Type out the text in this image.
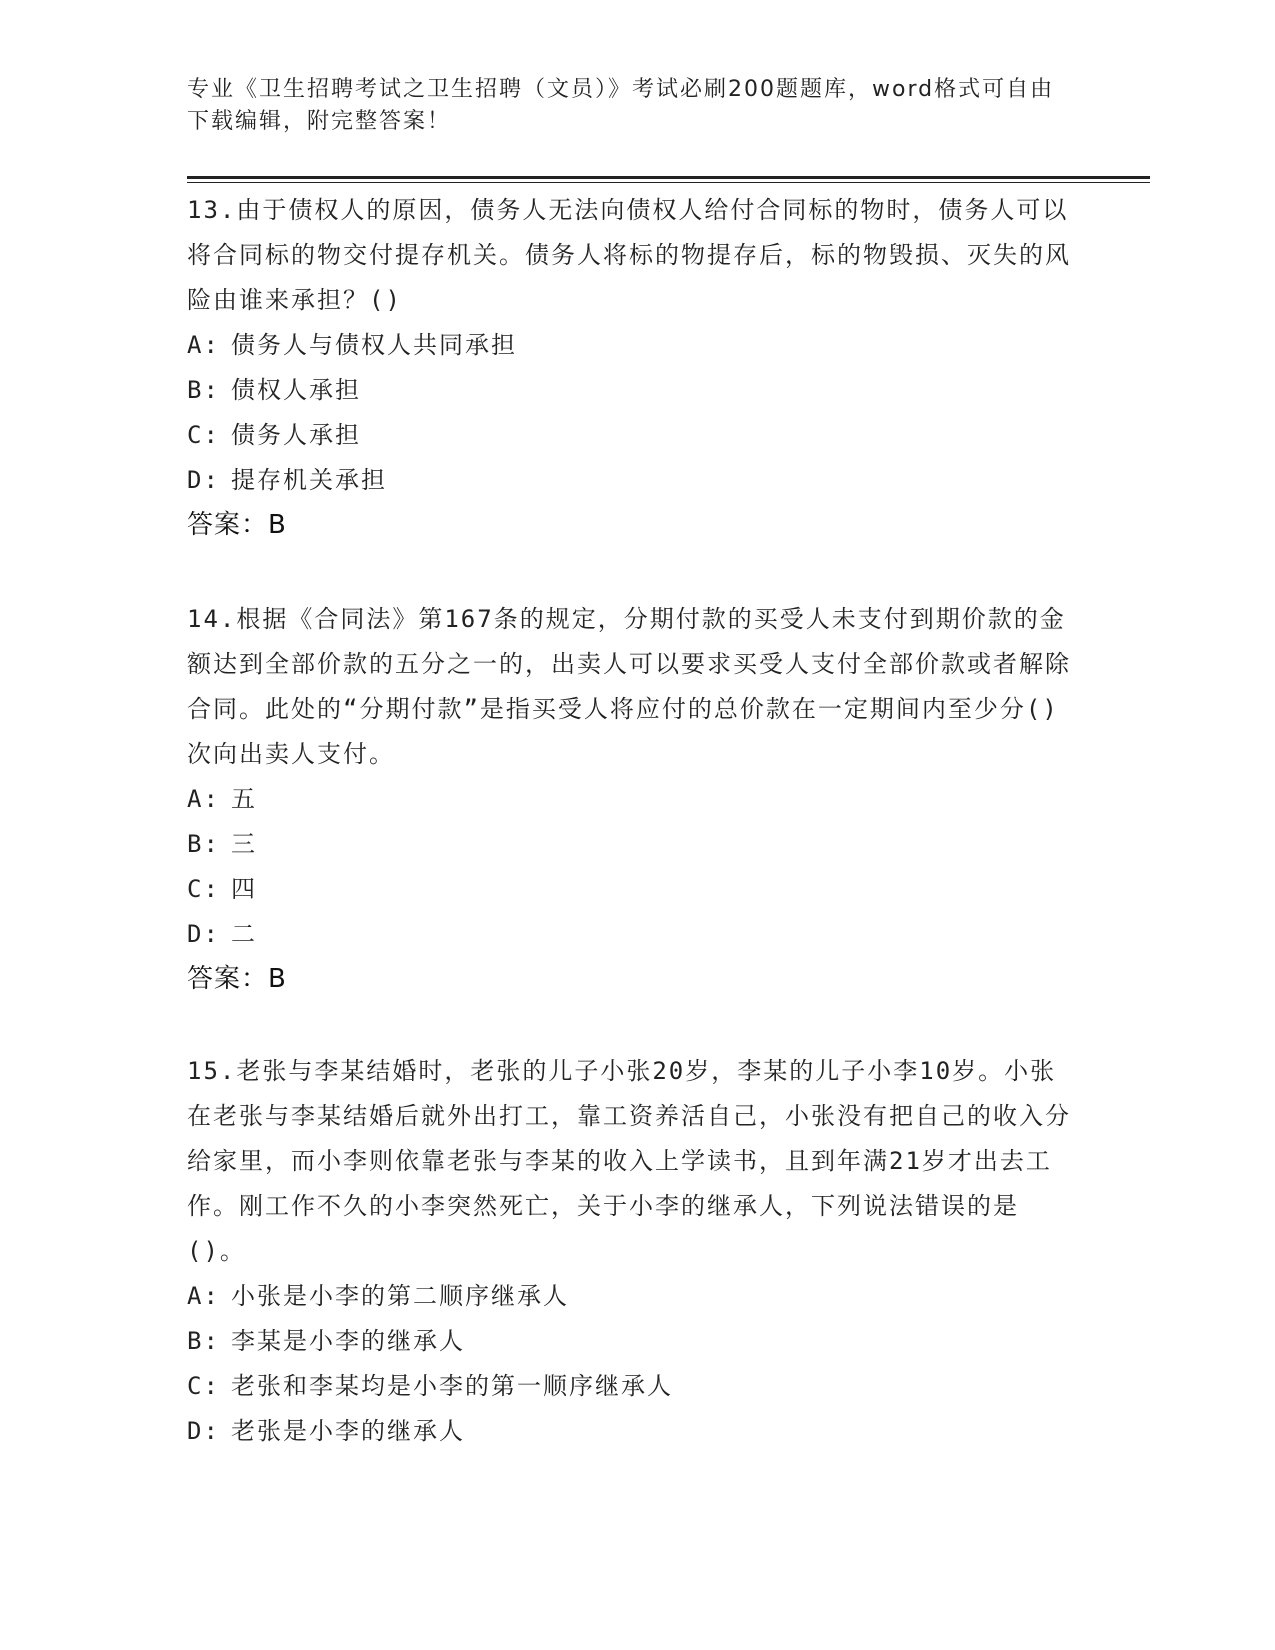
专业《卫生招聘考试之卫生招聘（文员）》考试必刷200题题库，word格式可自由下载编辑，附完整答案！

13.由于债权人的原因，债务人无法向债权人给付合同标的物时，债务人可以将合同标的物交付提存机关。债务人将标的物提存后，标的物毁损、灭失的风险由谁来承担？()

A: 债务人与债权人共同承担
B: 债权人承担
C: 债务人承担
D: 提存机关承担
答案：B

14.根据《合同法》第167条的规定，分期付款的买受人未支付到期价款的金额达到全部价款的五分之一的，出卖人可以要求买受人支付全部价款或者解除合同。此处的“分期付款”是指买受人将应付的总价款在一定期间内至少分()次向出卖人支付。

A: 五
B: 三
C: 四
D: 二
答案：B

15.老张与李某结婚时，老张的儿子小张20岁，李某的儿子小李10岁。小张在老张与李某结婚后就外出打工，靠工资养活自己，小张没有把自己的收入分给家里，而小李则依靠老张与李某的收入上学读书，且到年满21岁才出去工作。刚工作不久的小李突然死亡，关于小李的继承人，下列说法错误的是()。

A: 小张是小李的第二顺序继承人
B: 李某是小李的继承人
C: 老张和李某均是小李的第一顺序继承人
D: 老张是小李的继承人
